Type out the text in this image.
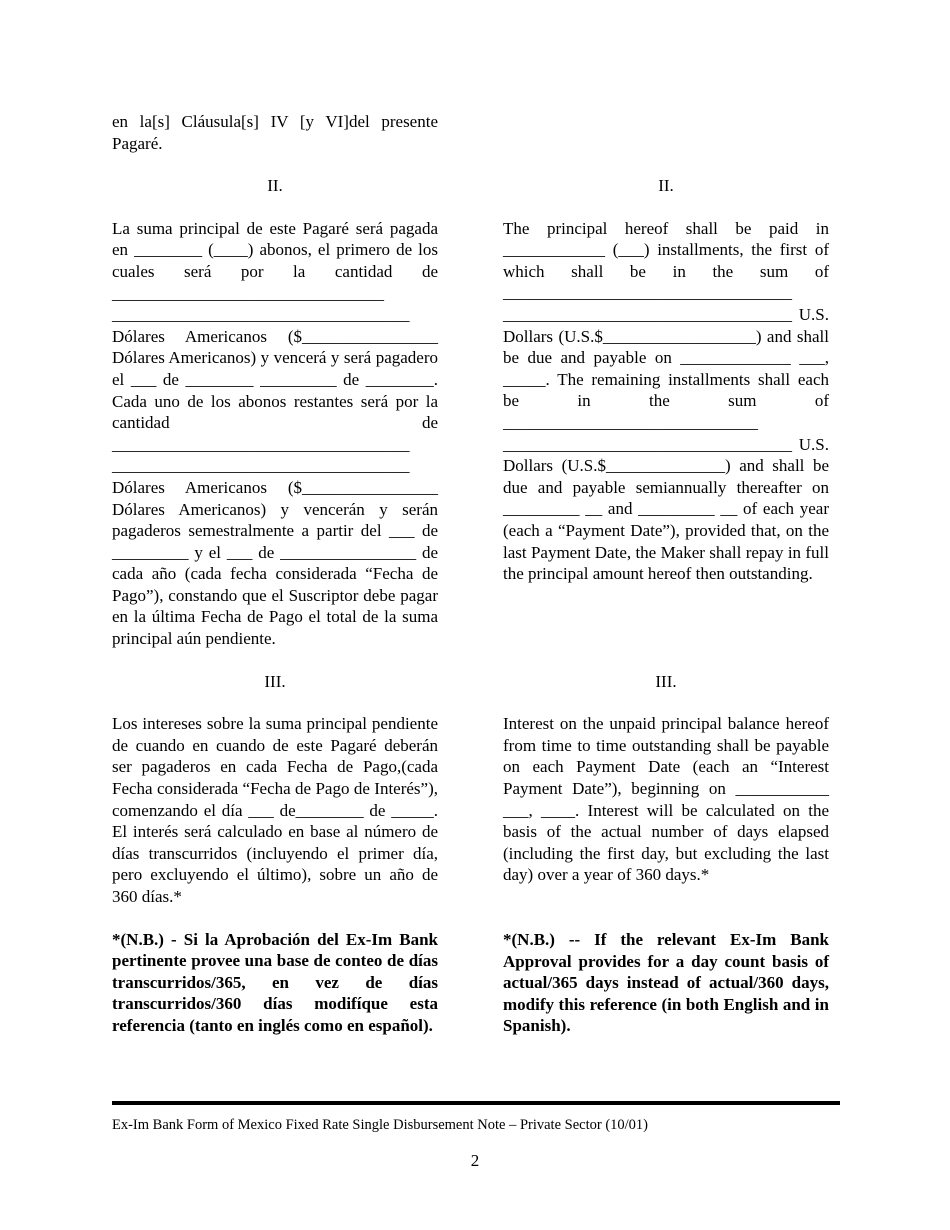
en la[s] Cláusula[s] IV [y VI]del presente Pagaré.

II.

La suma principal de este Pagaré será pagada en ________ (____) abonos, el primero de los cuales será por la cantidad de ________________________________ ___________________________________ Dólares Americanos ($________________ Dólares Americanos) y vencerá y será pagadero el ___ de ________ _________ de ________. Cada uno de los abonos restantes será por la cantidad de ___________________________________ ___________________________________ Dólares Americanos ($________________ Dólares Americanos) y vencerán y serán pagaderos semestralmente a partir del ___ de _________ y el ___ de ________________ de cada año (cada fecha considerada “Fecha de Pago”), constando que el Suscriptor debe pagar en la última Fecha de Pago el total de la suma principal aún pendiente.

III.

Los intereses sobre la suma principal pendiente de cuando en cuando de este Pagaré deberán ser pagaderos en cada Fecha de Pago,(cada Fecha considerada “Fecha de Pago de Interés”), comenzando el día ___ de________ de _____. El interés será calculado en base al número de días transcurridos (incluyendo el primer día, pero excluyendo el último), sobre un año de 360 días.*

*(N.B.) - Si la Aprobación del Ex-Im Bank pertinente provee una base de conteo de días transcurridos/365, en vez de días transcurridos/360 días modifíque esta referencia (tanto en inglés como en español).

II.

The principal hereof shall be paid in ____________ (___) installments, the first of which shall be in the sum of __________________________________ __________________________________ U.S. Dollars (U.S.$__________________) and shall be due and payable on _____________ ___, _____. The remaining installments shall each be in the sum of ______________________________ __________________________________ U.S. Dollars (U.S.$______________) and shall be due and payable semiannually thereafter on _________ __ and _________ __ of each year (each a “Payment Date”), provided that, on the last Payment Date, the Maker shall repay in full the principal amount hereof then outstanding.

III.

Interest on the unpaid principal balance hereof from time to time outstanding shall be payable on each Payment Date (each an “Interest Payment Date”), beginning on ___________ ___, ____. Interest will be calculated on the basis of the actual number of days elapsed (including the first day, but excluding the last day) over a year of 360 days.*

*(N.B.) -- If the relevant Ex-Im Bank Approval provides for a day count basis of actual/365 days instead of actual/360 days, modify this reference (in both English and in Spanish).

Ex-Im Bank Form of Mexico Fixed Rate Single Disbursement Note – Private Sector (10/01)
2
